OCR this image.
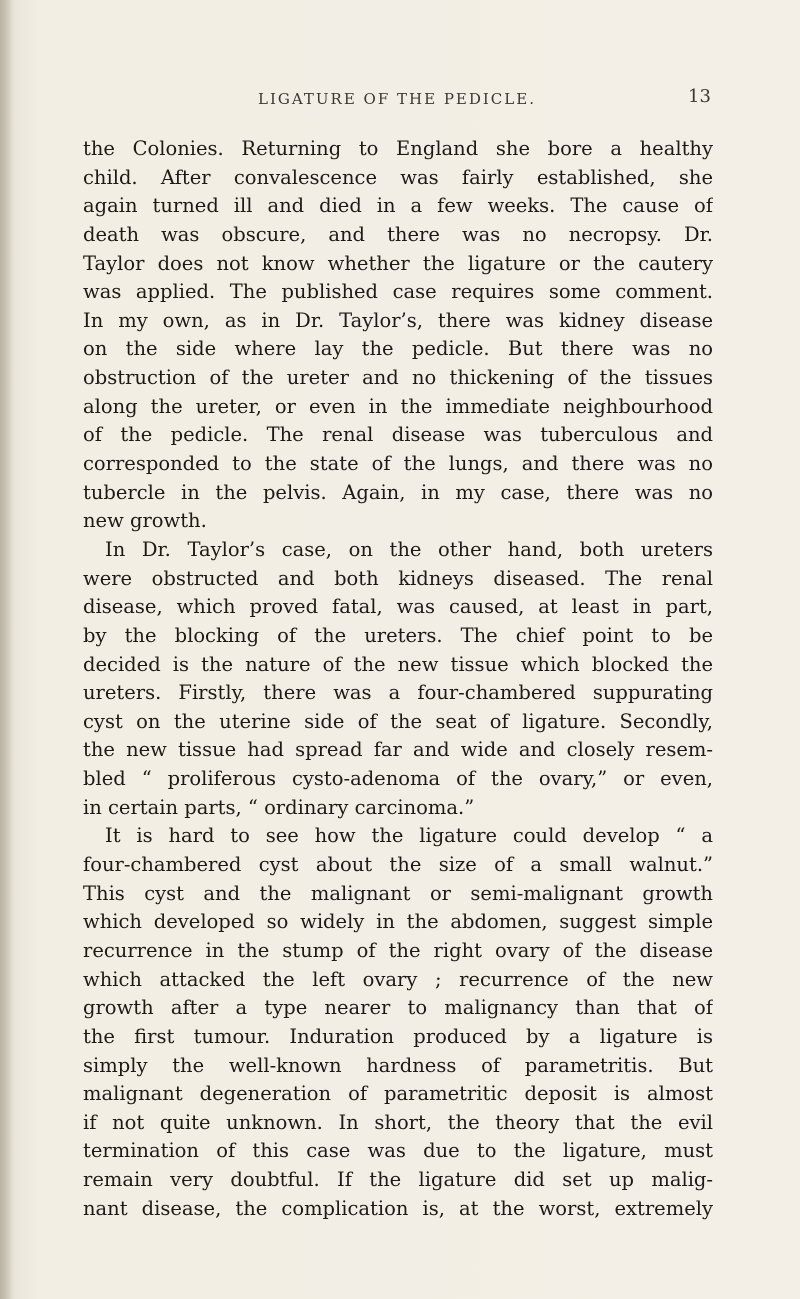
LIGATURE OF THE PEDICLE.	13
the Colonies. Returning to England she bore a healthy
child. After convalescence was fairly established, she
again turned ill and died in a few weeks. The cause of
death was obscure, and there was no necropsy. Dr.
Taylor does not know whether the ligature or the cautery
was applied. The published case requires some comment.
In my own, as in Dr. Taylor’s, there was kidney disease
on the side where lay the pedicle. But there was no
obstruction of the ureter and no thickening of the tissues
along the ureter, or even in the immediate neighbourhood
of the pedicle. The renal disease was tuberculous and
corresponded to the state of the lungs, and there was no
tubercle in the pelvis. Again, in my case, there was no
new growth.
In Dr. Taylor’s case, on the other hand, both ureters
were obstructed and both kidneys diseased. The renal
disease, which proved fatal, was caused, at least in part,
by the blocking of the ureters. The chief point to be
decided is the nature of the new tissue which blocked the
ureters. Firstly, there was a four-chambered suppurating
cyst on the uterine side of the seat of ligature. Secondly,
the new tissue had spread far and wide and closely resem-
bled “ proliferous cysto-adenoma of the ovary,” or even,
in certain parts, “ ordinary carcinoma.”
It is hard to see how the ligature could develop “ a
four-chambered cyst about the size of a small walnut.”
This cyst and the malignant or semi-malignant growth
which developed so widely in the abdomen, suggest simple
recurrence in the stump of the right ovary of the disease
which attacked the left ovary ; recurrence of the new
growth after a type nearer to malignancy than that of
the first tumour. Induration produced by a ligature is
simply the well-known hardness of parametritis. But
malignant degeneration of parametritic deposit is almost
if not quite unknown. In short, the theory that the evil
termination of this case was due to the ligature, must
remain very doubtful. If the ligature did set up malig-
nant disease, the complication is, at the worst, extremely
